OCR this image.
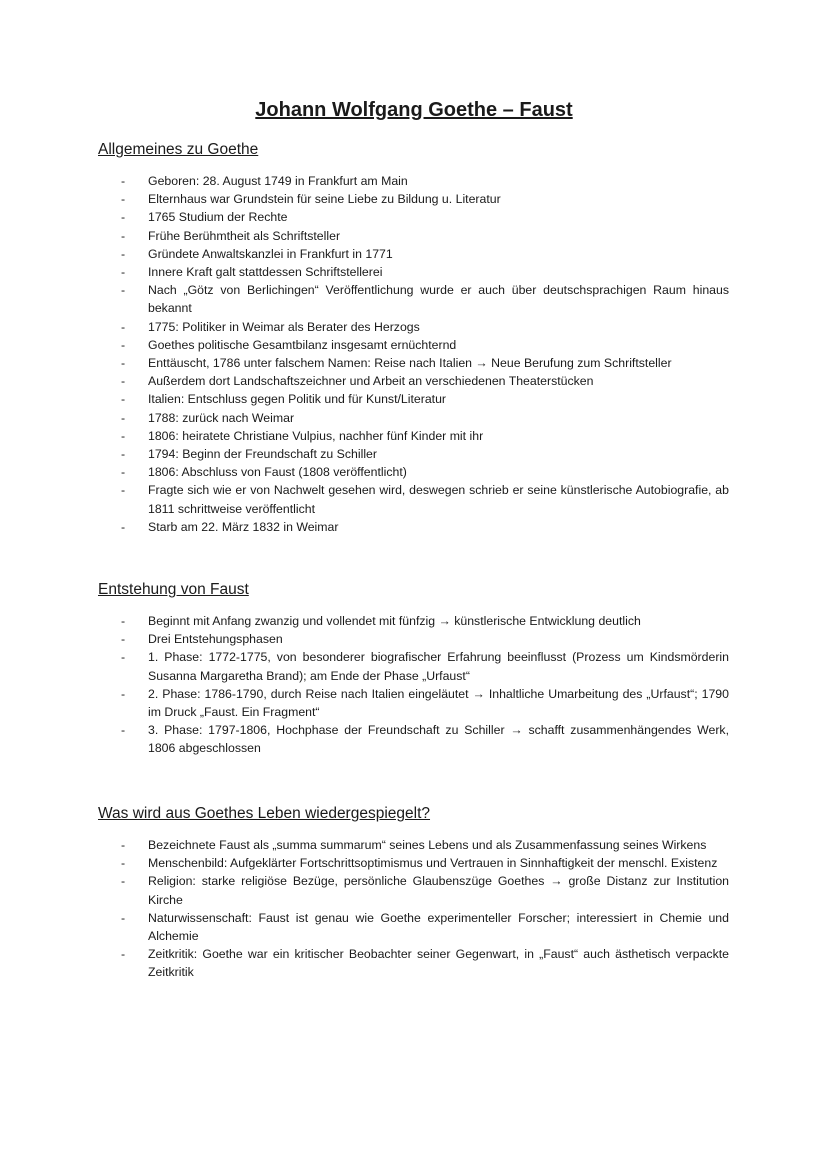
Johann Wolfgang Goethe – Faust
Allgemeines zu Goethe
- Geboren: 28. August 1749 in Frankfurt am Main
- Elternhaus war Grundstein für seine Liebe zu Bildung u. Literatur
- 1765 Studium der Rechte
- Frühe Berühmtheit als Schriftsteller
- Gründete Anwaltskanzlei in Frankfurt in 1771
- Innere Kraft galt stattdessen Schriftstellerei
- Nach „Götz von Berlichingen“ Veröffentlichung wurde er auch über deutschsprachigen Raum hinaus bekannt
- 1775: Politiker in Weimar als Berater des Herzogs
- Goethes politische Gesamtbilanz insgesamt ernüchternd
- Enttäuscht, 1786 unter falschem Namen: Reise nach Italien → Neue Berufung zum Schriftsteller
- Außerdem dort Landschaftszeichner und Arbeit an verschiedenen Theaterstücken
- Italien: Entschluss gegen Politik und für Kunst/Literatur
- 1788: zurück nach Weimar
- 1806: heiratete Christiane Vulpius, nachher fünf Kinder mit ihr
- 1794: Beginn der Freundschaft zu Schiller
- 1806: Abschluss von Faust (1808 veröffentlicht)
- Fragte sich wie er von Nachwelt gesehen wird, deswegen schrieb er seine künstlerische Autobiografie, ab 1811 schrittweise veröffentlicht
- Starb am 22. März 1832 in Weimar
Entstehung von Faust
- Beginnt mit Anfang zwanzig und vollendet mit fünfzig → künstlerische Entwicklung deutlich
- Drei Entstehungsphasen
- 1. Phase: 1772-1775, von besonderer biografischer Erfahrung beeinflusst (Prozess um Kindsmörderin Susanna Margaretha Brand); am Ende der Phase „Urfaust“
- 2. Phase: 1786-1790, durch Reise nach Italien eingeläutet → Inhaltliche Umarbeitung des „Urfaust“; 1790 im Druck „Faust. Ein Fragment“
- 3. Phase: 1797-1806, Hochphase der Freundschaft zu Schiller → schafft zusammenhängendes Werk, 1806 abgeschlossen
Was wird aus Goethes Leben wiedergespiegelt?
- Bezeichnete Faust als „summa summarum“ seines Lebens und als Zusammenfassung seines Wirkens
- Menschenbild: Aufgeklärter Fortschrittsoptimismus und Vertrauen in Sinnhaftigkeit der menschl. Existenz
- Religion: starke religiöse Bezüge, persönliche Glaubenszüge Goethes → große Distanz zur Institution Kirche
- Naturwissenschaft: Faust ist genau wie Goethe experimenteller Forscher; interessiert in Chemie und Alchemie
- Zeitkritik: Goethe war ein kritischer Beobachter seiner Gegenwart, in „Faust“ auch ästhetisch verpackte Zeitkritik
